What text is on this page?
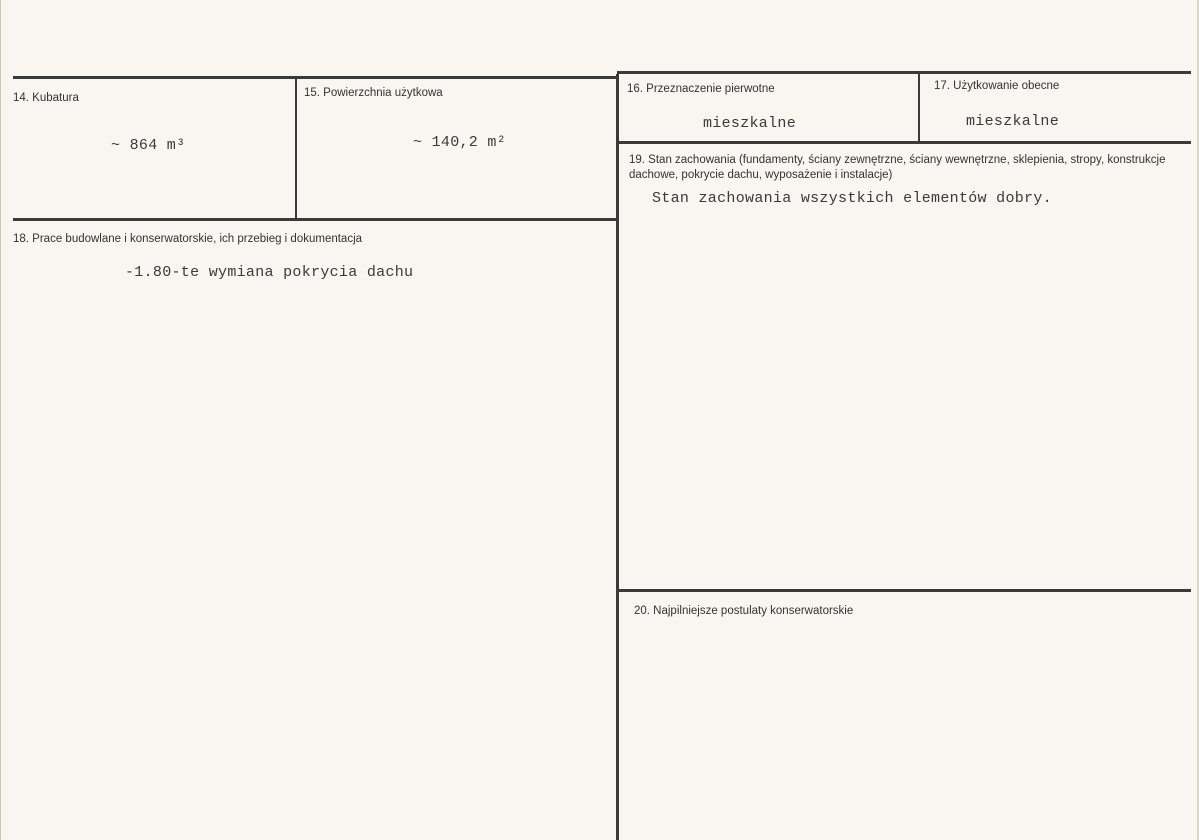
14. Kubatura
~ 864 m³
15. Powierzchnia użytkowa
~ 140,2 m²
16. Przeznaczenie pierwotne
mieszkalne
17. Użytkowanie obecne
mieszkalne
19. Stan zachowania (fundamenty, ściany zewnętrzne, ściany wewnętrzne, sklepienia, stropy, konstrukcje dachowe, pokrycie dachu, wyposażenie i instalacje)
Stan zachowania wszystkich elementów dobry.
18. Prace budowlane i konserwatorskie, ich przebieg i dokumentacja
-1.80-te wymiana pokrycia dachu
20. Najpilniejsze postulaty konserwatorskie
